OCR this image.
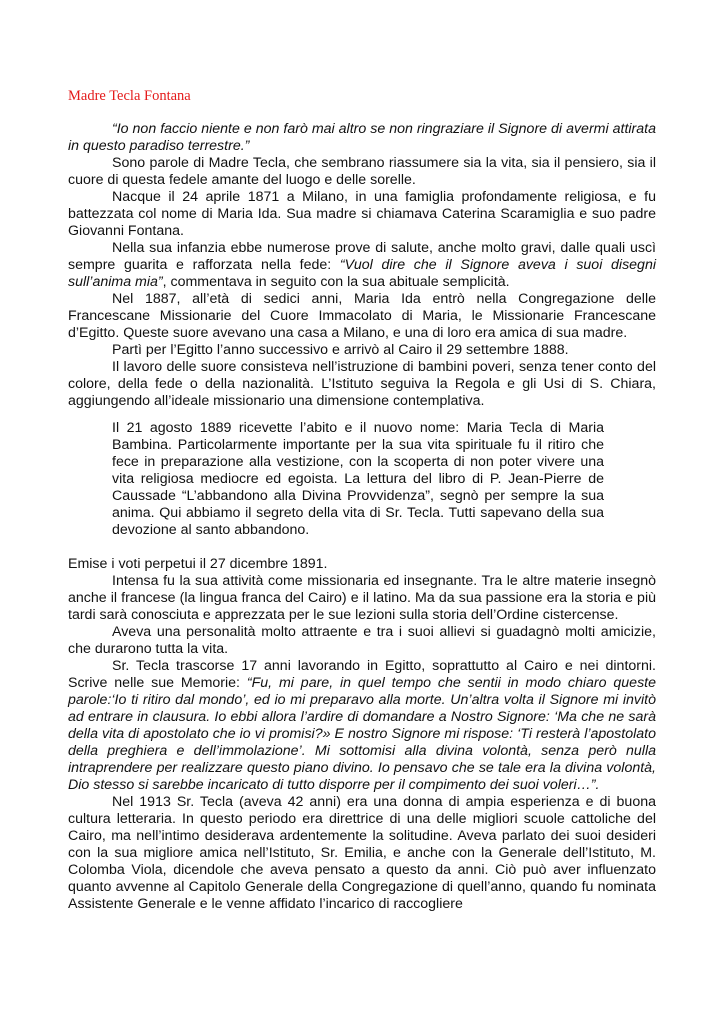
Madre Tecla Fontana

“Io non faccio niente e non farò mai altro se non ringraziare il Signore di avermi attirata in questo paradiso terrestre.”

Sono parole di Madre Tecla, che sembrano riassumere sia la vita, sia il pensiero, sia il cuore di questa fedele amante del luogo e delle sorelle.

Nacque il 24 aprile 1871 a Milano, in una famiglia profondamente religiosa, e fu battezzata col nome di Maria Ida. Sua madre si chiamava Caterina Scaramiglia e suo padre Giovanni Fontana.

Nella sua infanzia ebbe numerose prove di salute, anche molto gravi, dalle quali uscì sempre guarita e rafforzata nella fede: “Vuol dire che il Signore aveva i suoi disegni sull’anima mia”, commentava in seguito con la sua abituale semplicità.

Nel 1887, all’età di sedici anni, Maria Ida entrò nella Congregazione delle Francescane Missionarie del Cuore Immacolato di Maria, le Missionarie Francescane d’Egitto. Queste suore avevano una casa a Milano, e una di loro era amica di sua madre.

Partì per l’Egitto l’anno successivo e arrivò al Cairo il 29 settembre 1888.

Il lavoro delle suore consisteva nell’istruzione di bambini poveri, senza tener conto del colore, della fede o della nazionalità. L’Istituto seguiva la Regola e gli Usi di S. Chiara, aggiungendo all’ideale missionario una dimensione contemplativa.

Il 21 agosto 1889 ricevette l’abito e il nuovo nome: Maria Tecla di Maria Bambina. Particolarmente importante per la sua vita spirituale fu il ritiro che fece in preparazione alla vestizione, con la scoperta di non poter vivere una vita religiosa mediocre ed egoista. La lettura del libro di P. Jean-Pierre de Caussade “L’abbandono alla Divina Provvidenza”, segnò per sempre la sua anima. Qui abbiamo il segreto della vita di Sr. Tecla. Tutti sapevano della sua devozione al santo abbandono.

Emise i voti perpetui il 27 dicembre 1891.

Intensa fu la sua attività come missionaria ed insegnante. Tra le altre materie insegnò anche il francese (la lingua franca del Cairo) e il latino. Ma da sua passione era la storia e più tardi sarà conosciuta e apprezzata per le sue lezioni sulla storia dell’Ordine cistercense.

Aveva una personalità molto attraente e tra i suoi allievi si guadagnò molti amicizie, che durarono tutta la vita.

Sr. Tecla trascorse 17 anni lavorando in Egitto, soprattutto al Cairo e nei dintorni. Scrive nelle sue Memorie: “Fu, mi pare, in quel tempo che sentii in modo chiaro queste parole:‘Io ti ritiro dal mondo’, ed io mi preparavo alla morte. Un’altra volta il Signore mi invitò ad entrare in clausura. Io ebbi allora l’ardire di domandare a Nostro Signore: ‘Ma che ne sarà della vita di apostolato che io vi promisi?» E nostro Signore mi rispose: ‘Ti resterà l’apostolato della preghiera e dell’immolazione’. Mi sottomisi alla divina volontà, senza però nulla intraprendere per realizzare questo piano divino. Io pensavo che se tale era la divina volontà, Dio stesso si sarebbe incaricato di tutto disporre per il compimento dei suoi voleri…”.

Nel 1913 Sr. Tecla (aveva 42 anni) era una donna di ampia esperienza e di buona cultura letteraria. In questo periodo era direttrice di una delle migliori scuole cattoliche del Cairo, ma nell’intimo desiderava ardentemente la solitudine. Aveva parlato dei suoi desideri con la sua migliore amica nell’Istituto, Sr. Emilia, e anche con la Generale dell’Istituto, M. Colomba Viola, dicendole che aveva pensato a questo da anni. Ciò può aver influenzato quanto avvenne al Capitolo Generale della Congregazione di quell’anno, quando fu nominata Assistente Generale e le venne affidato l’incarico di raccogliere
